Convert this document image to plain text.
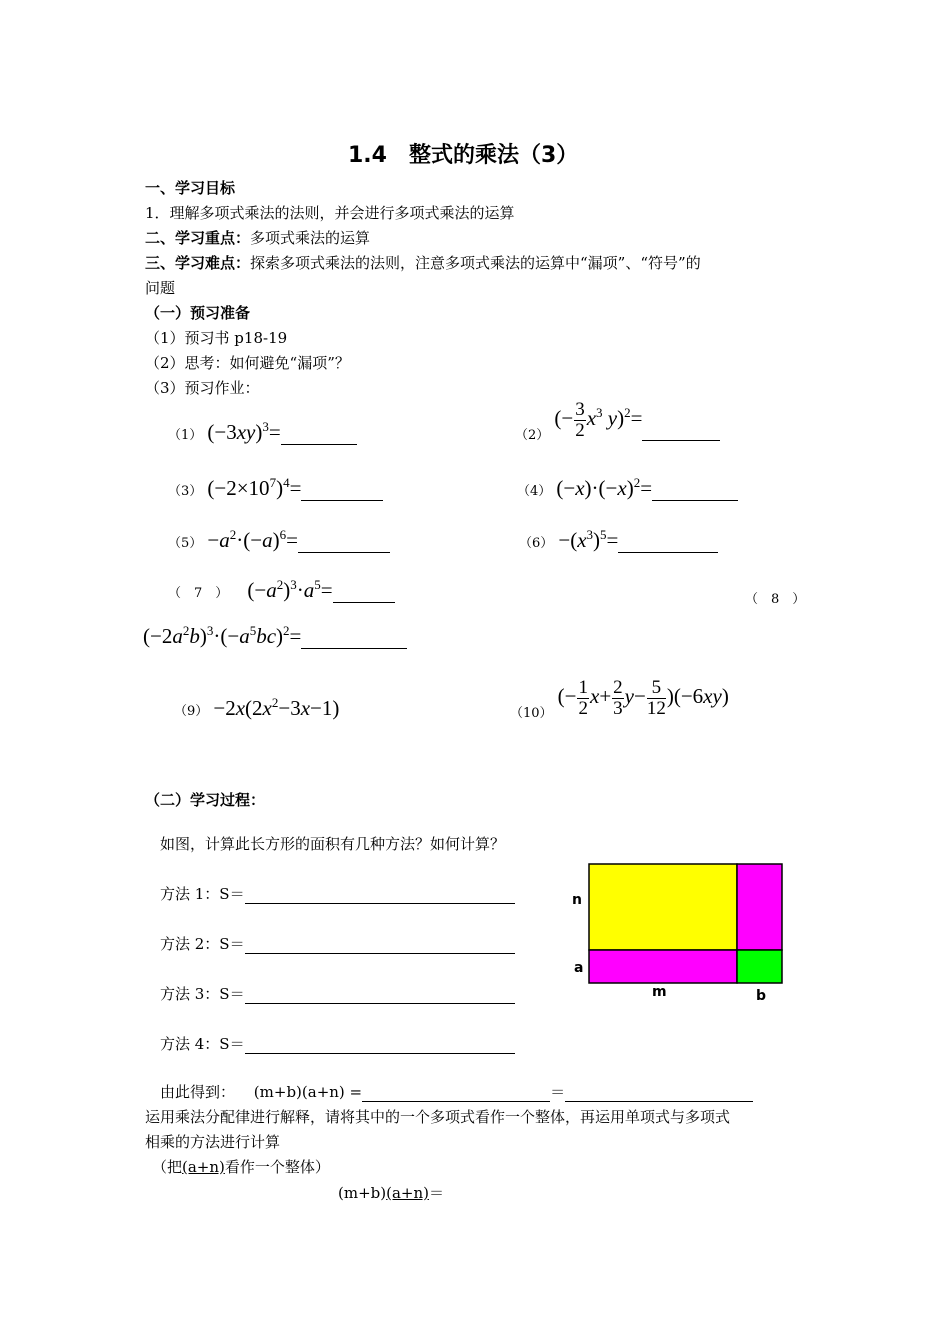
1.4　整式的乘法（3）
一、学习目标
1．理解多项式乘法的法则，并会进行多项式乘法的运算
二、学习重点：多项式乘法的运算
三、学习难点：探索多项式乘法的法则，注意多项式乘法的运算中“漏项”、“符号”的
问题
（一）预习准备
（1）预习书 p18-19
（2）思考：如何避免“漏项”？
（3）预习作业：
（1） $(-3xy)^3=$	$_{(2)}$ (− $\frac{3}{2} x^3$ y)$^2$=
（3） $(-2\times 10^7)^4=$	（4） $(-x)\cdot(-x)^2=$
$(5) -a^2\cdot(-a)^6=$	$(6) -(x^3)^5=$
（　7　） $(-a^2)^3\cdot a^5=$	（　8　）
$(-2a^2b)^3\cdot(-a^5bc)^2=$
$(9) -2x(2x^2-3x-1)$	$_{(10)}$ (− $\frac{1}{2} x+ \frac{2}{3} y- \frac{5}{12} )(-6xy)$
（二）学习过程：
如图，计算此长方形的面积有几种方法？如何计算？
方法 1：S＝
方法 2：S＝
方法 3：S＝
方法 4：S＝
n
a
m	b
由此得到： (m+b)(a+n) =	＝
运用乘法分配律进行解释，请将其中的一个多项式看作一个整体，再运用单项式与多项式
相乘的方法进行计算
（把(a+n)看作一个整体）
(m+b)(a+n)＝
